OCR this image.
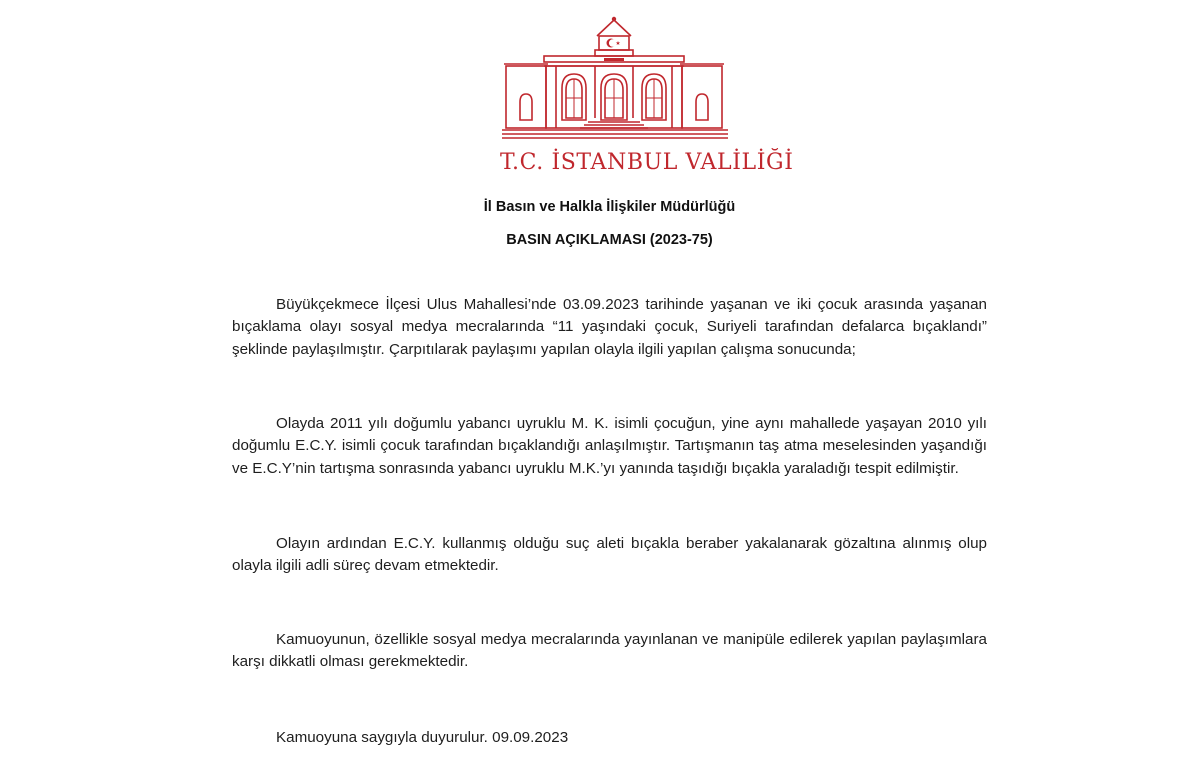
T.C. İSTANBUL VALİLİĞİ
İl Basın ve Halkla İlişkiler Müdürlüğü
BASIN AÇIKLAMASI (2023-75)

Büyükçekmece İlçesi Ulus Mahallesi’nde 03.09.2023 tarihinde yaşanan ve iki çocuk arasında yaşanan bıçaklama olayı sosyal medya mecralarında “11 yaşındaki çocuk, Suriyeli tarafından defalarca bıçaklandı” şeklinde paylaşılmıştır. Çarpıtılarak paylaşımı yapılan olayla ilgili yapılan çalışma sonucunda;

Olayda 2011 yılı doğumlu yabancı uyruklu M. K. isimli çocuğun, yine aynı mahallede yaşayan 2010 yılı doğumlu E.C.Y. isimli çocuk tarafından bıçaklandığı anlaşılmıştır. Tartışmanın taş atma meselesinden yaşandığı ve E.C.Y’nin tartışma sonrasında yabancı uyruklu M.K.’yı yanında taşıdığı bıçakla yaraladığı tespit edilmiştir.

Olayın ardından E.C.Y. kullanmış olduğu suç aleti bıçakla beraber yakalanarak gözaltına alınmış olup olayla ilgili adli süreç devam etmektedir.

Kamuoyunun, özellikle sosyal medya mecralarında yayınlanan ve manipüle edilerek yapılan paylaşımlara karşı dikkatli olması gerekmektedir.

Kamuoyuna saygıyla duyurulur. 09.09.2023
